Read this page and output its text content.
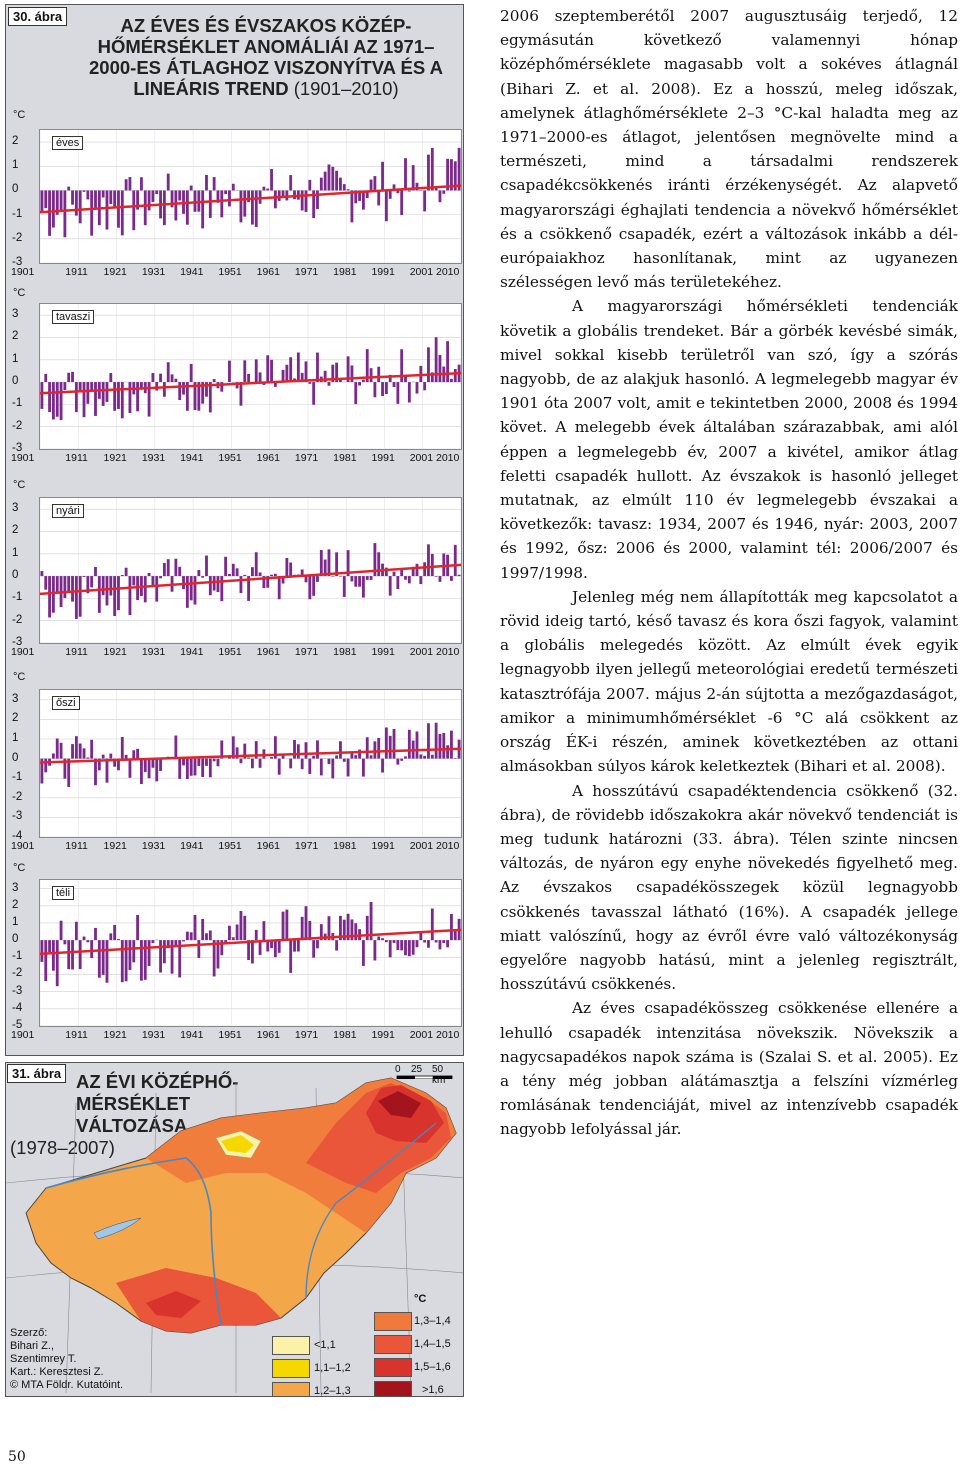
30. ábra	AZ ÉVES ÉS ÉVSZAKOS KÖZÉP-HŐMÉRSÉKLET ANOMÁLIÁI AZ 1971–2000-ES ÁTLAGHOZ VISZONYÍTVA ÉS A LINEÁRIS TREND (1901–2010)
°C
éves
2
1
0
-1
-2
-3
1901	1911 1921 1931 1941 1951 1961 1971 1981 1991 2001 2010
°C
tavaszi
3
2
1
0
-1
-2
-3
1901	1911 1921 1931 1941 1951 1961 1971 1981 1991 2001 2010
°C
nyári
3
2
1
0
-1
-2
-3
1901	1911 1921 1931 1941 1951 1961 1971 1981 1991 2001 2010
°C
őszi
3
2
1
0
-1
-2
-3
-4
1901	1911 1921 1931 1941 1951 1961 1971 1981 1991 2001 2010
°C
téli
3
2
1
0
-1
-2
-3
-4
-5
1901	1911 1921 1931 1941 1951 1961 1971 1981 1991 2001 2010
31. ábra AZ ÉVI KÖZÉPHŐ-MÉRSÉKLET VÁLTOZÁSA
(1978–2007)
0 25 50 km
Szerző:
Bihari Z.,
Szentimrey T.
Kart.: Keresztesi Z.
© MTA Földr. Kutatóint.
°C
<1,1
1,1–1,2
1,2–1,3
1,3–1,4
1,4–1,5
1,5–1,6
>1,6

2006 szeptemberétől 2007 augusztusáig terjedő, 12 egymásután következő valamennyi hónap középhőmérséklete magasabb volt a sokéves átlagnál (Bihari Z. et al. 2008). Ez a hosszú, meleg időszak, amelynek átlaghőmérséklete 2–3 °C-kal haladta meg az 1971–2000-es átlagot, jelentősen megnövelte mind a természeti, mind a társadalmi rendszerek csapadékcsökkenés iránti érzékenységét. Az alapvető magyarországi éghajlati tendencia a növekvő hőmérséklet és a csökkenő csapadék, ezért a változások inkább a dél-európaiakhoz hasonlítanak, mint az ugyanezen szélességen levő más területekéhez.

A magyarországi hőmérsékleti tendenciák követik a globális trendeket. Bár a görbék kevésbé simák, mivel sokkal kisebb területről van szó, így a szórás nagyobb, de az alakjuk hasonló. A legmelegebb magyar év 1901 óta 2007 volt, amit e tekintetben 2000, 2008 és 1994 követ. A melegebb évek általában szárazabbak, ami alól éppen a legmelegebb év, 2007 a kivétel, amikor átlag feletti csapadék hullott. Az évszakok is hasonló jelleget mutatnak, az elmúlt 110 év legmelegebb évszakai a következők: tavasz: 1934, 2007 és 1946, nyár: 2003, 2007 és 1992, ősz: 2006 és 2000, valamint tél: 2006/2007 és 1997/1998.

Jelenleg még nem állapították meg kapcsolatot a rövid ideig tartó, késő tavasz és kora őszi fagyok, valamint a globális melegedés között. Az elmúlt évek egyik legnagyobb ilyen jellegű meteorológiai eredetű természeti katasztrófája 2007. május 2-án sújtotta a mezőgazdaságot, amikor a minimumhőmérséklet -6 °C alá csökkent az ország ÉK-i részén, aminek következtében az ottani almásokban súlyos károk keletkeztek (Bihari et al. 2008).

A hosszútávú csapadéktendencia csökkenő (32. ábra), de rövidebb időszakokra akár növekvő tendenciát is meg tudunk határozni (33. ábra). Télen szinte nincsen változás, de nyáron egy enyhe növekedés figyelhető meg. Az évszakos csapadékösszegek közül legnagyobb csökkenés tavasszal látható (16%). A csapadék jellege miatt valószínű, hogy az évről évre való változékonyság egyelőre nagyobb hatású, mint a jelenleg regisztrált, hosszútávú csökkenés.

Az éves csapadékösszeg csökkenése ellenére a lehulló csapadék intenzitása növekszik. Növekszik a nagycsapadékos napok száma is (Szalai S. et al. 2005). Ez a tény még jobban alátámasztja a felszíni vízmérleg romlásának tendenciáját, mivel az intenzívebb csapadék nagyobb lefolyással jár.

50
